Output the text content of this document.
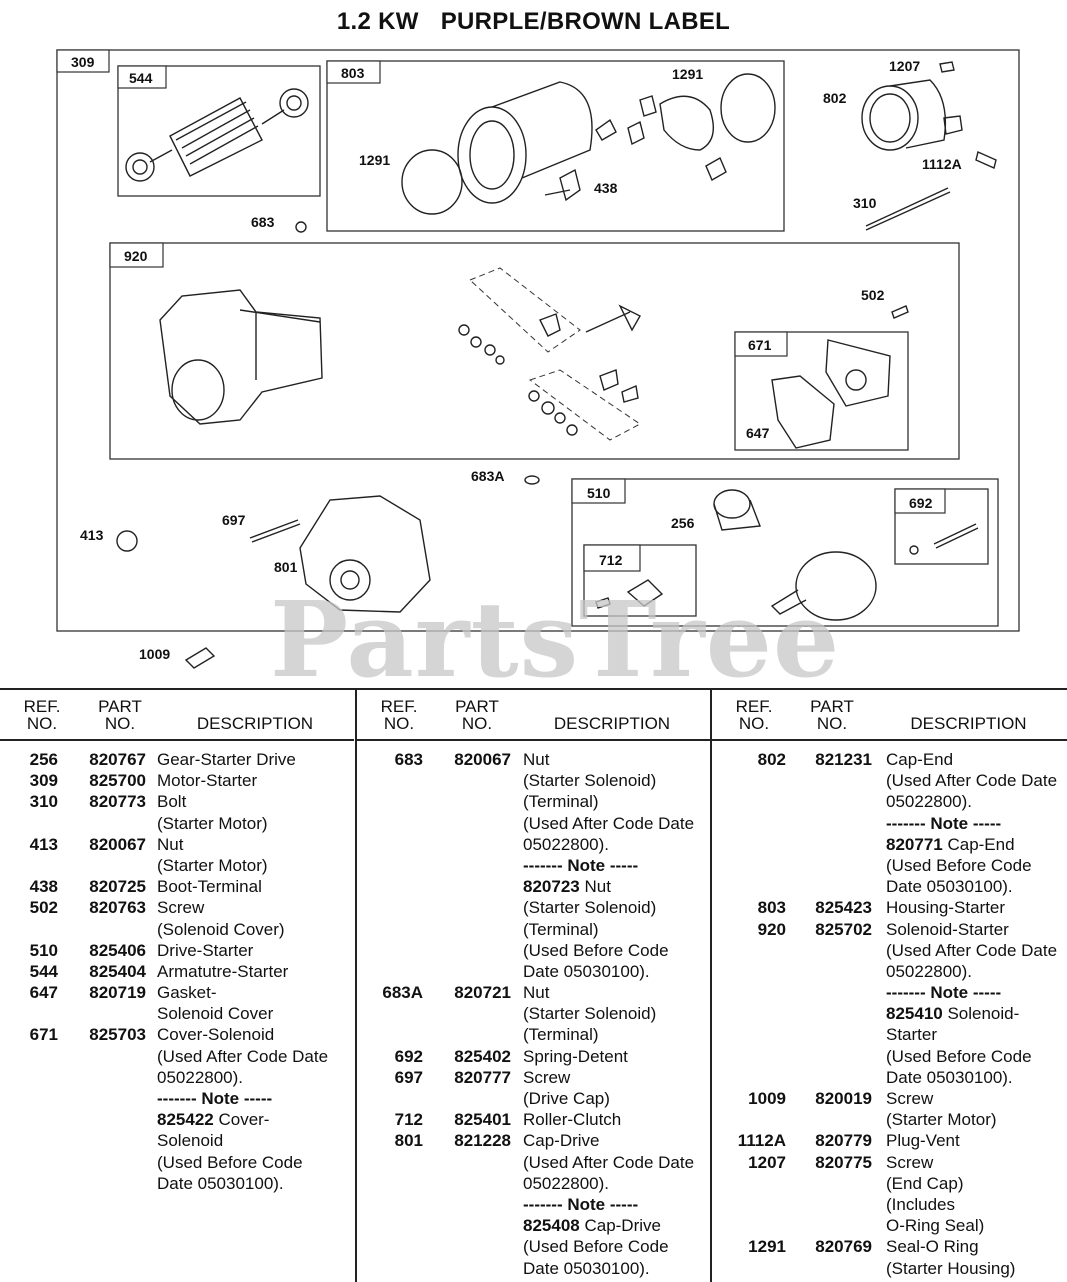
1.2 KW PURPLE/BROWN LABEL
309
544	803	1291
1291
438
1207
802
1112A
310
683
920
502
671
647
683A
510
256
692
712
697
413
801
1009 PartsTree
REF.
NO.
PART
NO.	DESCRIPTION
256	820767 Gear-Starter Drive
309	825700 Motor-Starter
310	820773 Bolt
(Starter Motor)
413	820067 Nut
(Starter Motor)
438	820725 Boot-Terminal
502	820763 Screw
(Solenoid Cover)
510	825406 Drive-Starter
544	825404 Armatutre-Starter
647	820719 Gasket-
Solenoid Cover
671	825703 Cover-Solenoid
(Used After Code Date
05022800).
------- Note -----
825422 Cover-
Solenoid
(Used Before Code
Date 05030100).
REF.
NO.
PART
NO.	DESCRIPTION
683	820067 Nut
(Starter Solenoid)
(Terminal)
(Used After Code Date
05022800).
------- Note -----
820723 Nut
(Starter Solenoid)
(Terminal)
(Used Before Code
Date 05030100).
683A	820721 Nut
(Starter Solenoid)
(Terminal)
692	825402 Spring-Detent
697	820777 Screw
(Drive Cap)
712	825401 Roller-Clutch
801	821228 Cap-Drive
(Used After Code Date
05022800).
------- Note -----
825408 Cap-Drive
(Used Before Code
Date 05030100).
REF.
NO.
PART
NO.	DESCRIPTION
802	821231 Cap-End
(Used After Code Date
05022800).
------- Note -----
820771 Cap-End
(Used Before Code
Date 05030100).
803	825423 Housing-Starter
920	825702 Solenoid-Starter
(Used After Code Date
05022800).
------- Note -----
825410 Solenoid-
Starter
(Used Before Code
Date 05030100).
1009	820019 Screw
(Starter Motor)
1112A	820779 Plug-Vent
1207	820775 Screw
(End Cap)
(Includes
O-Ring Seal)
1291	820769 Seal-O Ring
(Starter Housing)
